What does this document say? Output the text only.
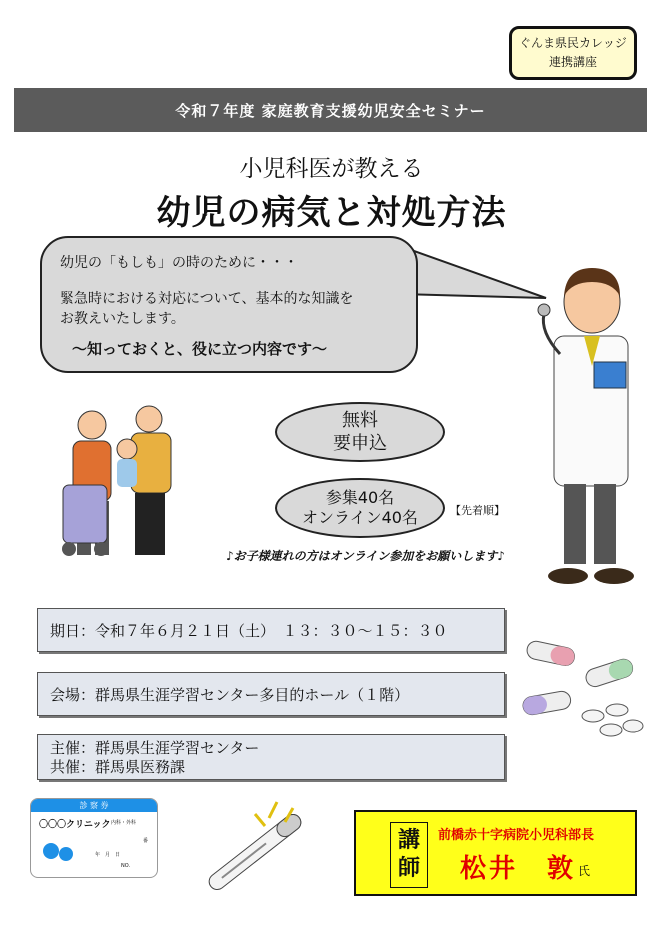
ぐんま県民カレッジ
連携講座
令和７年度 家庭教育支援幼児安全セミナー
小児科医が教える
幼児の病気と対処方法
幼児の「もしも」の時のために・・・
緊急時における対応について、基本的な知識を
お教えいたします。
～知っておくと、役に立つ内容です～
無料
要申込
参集40名
オンライン40名	【先着順】
♪お子様連れの方はオンライン参加をお願いします♪
期日：令和７年６月２１日（土）　１３：３０～１５：３０
会場：群馬県生涯学習センター多目的ホール（１階）
主催：群馬県生涯学習センター
共催：群馬県医務課
診 察 券
〇〇〇クリニック 内科・外科
番
年　月　日
NO.
講
師
前橋赤十字病院小児科部長
松井　敦 氏
